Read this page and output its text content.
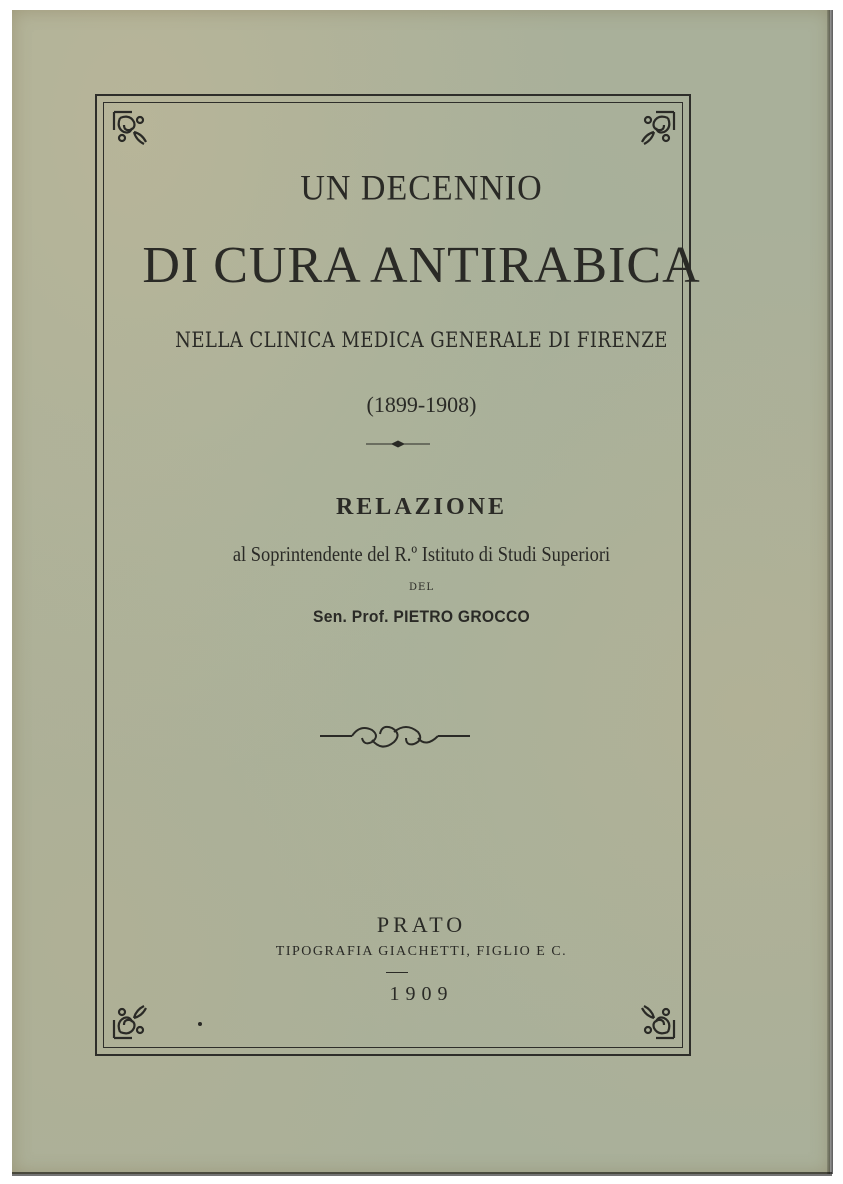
UN DECENNIO
DI CURA ANTIRABICA
NELLA CLINICA MEDICA GENERALE DI FIRENZE
(1899-1908)
RELAZIONE
al Soprintendente del R.º Istituto di Studi Superiori
DEL
Sen. Prof. PIETRO GROCCO
PRATO
TIPOGRAFIA GIACHETTI, FIGLIO E C.
1909
